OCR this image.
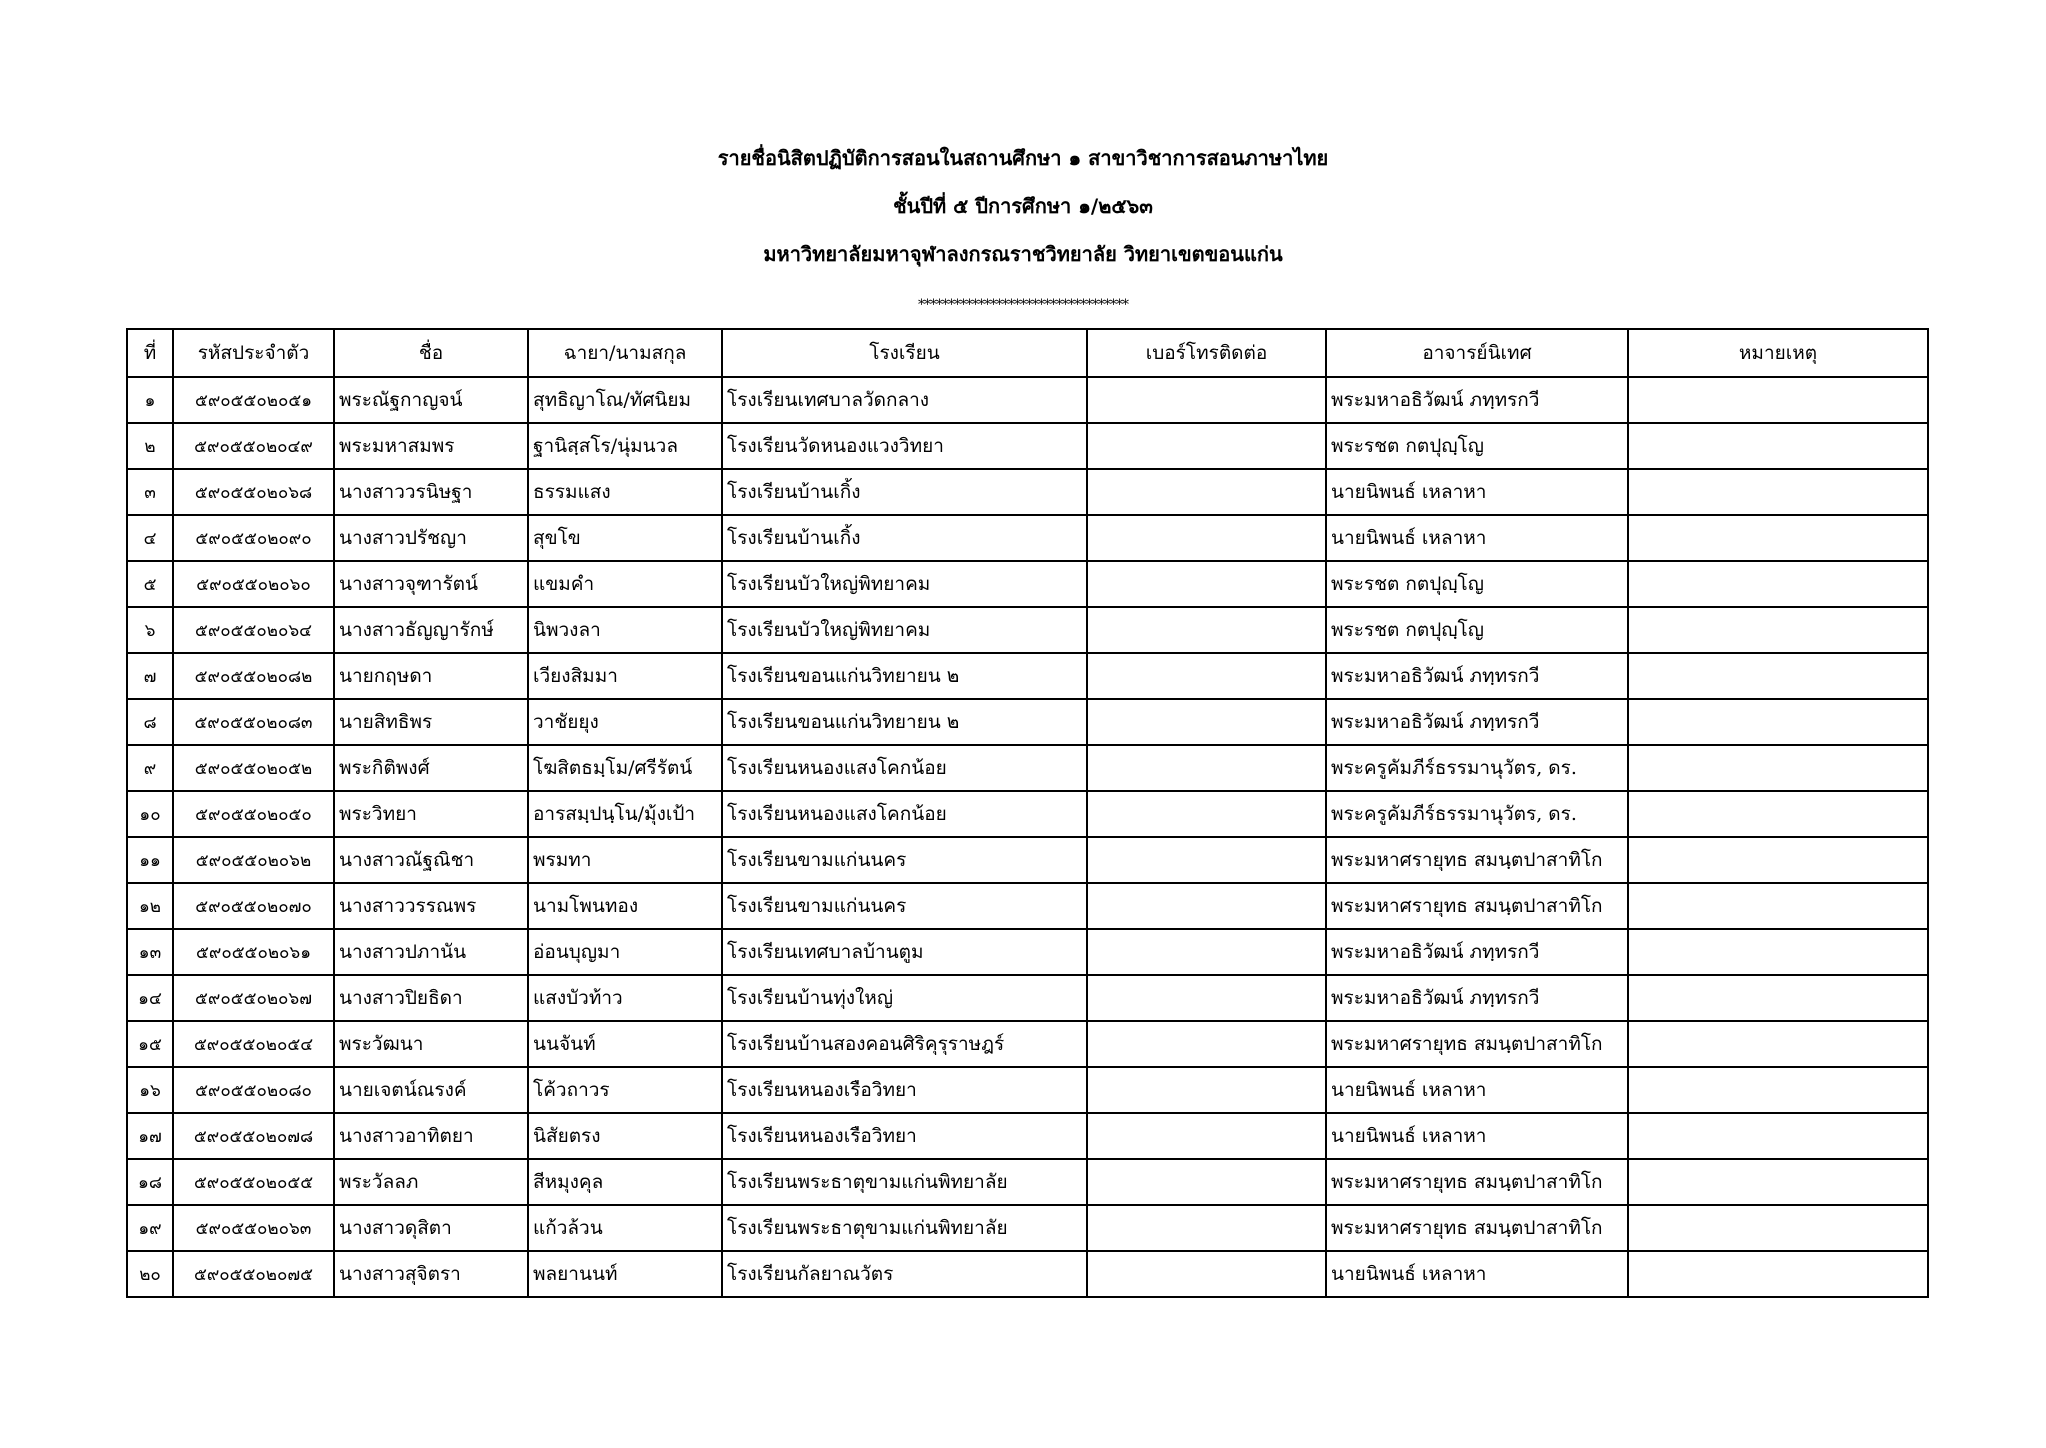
รายชื่อนิสิตปฏิบัติการสอนในสถานศึกษา ๑ สาขาวิชาการสอนภาษาไทย
ชั้นปีที่ ๕ ปีการศึกษา ๑/๒๕๖๓
มหาวิทยาลัยมหาจุฬาลงกรณราชวิทยาลัย วิทยาเขตขอนแก่น
***********************************
ที่	รหัสประจำตัว	ชื่อ	ฉายา/นามสกุล	โรงเรียน	เบอร์โทรติดต่อ	อาจารย์นิเทศ	หมายเหตุ
๑	๕๙๐๕๕๐๒๐๕๑	พระณัฐกาญจน์	สุทธิญาโณ/ทัศนิยม	โรงเรียนเทศบาลวัดกลาง		พระมหาอธิวัฒน์ ภทฺทรกวี	
๒	๕๙๐๕๕๐๒๐๔๙	พระมหาสมพร	ฐานิสฺสโร/นุ่มนวล	โรงเรียนวัดหนองแวงวิทยา		พระรชต กตปุญฺโญ	
๓	๕๙๐๕๕๐๒๐๖๘	นางสาววรนิษฐา	ธรรมแสง	โรงเรียนบ้านเกิ้ง		นายนิพนธ์ เหลาหา	
๔	๕๙๐๕๕๐๒๐๙๐	นางสาวปรัชญา	สุขโข	โรงเรียนบ้านเกิ้ง		นายนิพนธ์ เหลาหา	
๕	๕๙๐๕๕๐๒๐๖๐	นางสาวจุฑารัตน์	แขมคำ	โรงเรียนบัวใหญ่พิทยาคม		พระรชต กตปุญฺโญ	
๖	๕๙๐๕๕๐๒๐๖๔	นางสาวธัญญารักษ์	นิพวงลา	โรงเรียนบัวใหญ่พิทยาคม		พระรชต กตปุญฺโญ	
๗	๕๙๐๕๕๐๒๐๘๒	นายกฤษดา	เวียงสิมมา	โรงเรียนขอนแก่นวิทยายน ๒		พระมหาอธิวัฒน์ ภทฺทรกวี	
๘	๕๙๐๕๕๐๒๐๘๓	นายสิทธิพร	วาชัยยุง	โรงเรียนขอนแก่นวิทยายน ๒		พระมหาอธิวัฒน์ ภทฺทรกวี	
๙	๕๙๐๕๕๐๒๐๕๒	พระกิติพงศ์	โฆสิตธมฺโม/ศรีรัตน์	โรงเรียนหนองแสงโคกน้อย		พระครูคัมภีร์ธรรมานุวัตร, ดร.	
๑๐	๕๙๐๕๕๐๒๐๕๐	พระวิทยา	อารสมฺปนฺโน/มุ้งเป้า	โรงเรียนหนองแสงโคกน้อย		พระครูคัมภีร์ธรรมานุวัตร, ดร.	
๑๑	๕๙๐๕๕๐๒๐๖๒	นางสาวณัฐณิชา	พรมทา	โรงเรียนขามแก่นนคร		พระมหาศรายุทธ สมนฺตปาสาทิโก	
๑๒	๕๙๐๕๕๐๒๐๗๐	นางสาววรรณพร	นามโพนทอง	โรงเรียนขามแก่นนคร		พระมหาศรายุทธ สมนฺตปาสาทิโก	
๑๓	๕๙๐๕๕๐๒๐๖๑	นางสาวปภานัน	อ่อนบุญมา	โรงเรียนเทศบาลบ้านตูม		พระมหาอธิวัฒน์ ภทฺทรกวี	
๑๔	๕๙๐๕๕๐๒๐๖๗	นางสาวปิยธิดา	แสงบัวท้าว	โรงเรียนบ้านทุ่งใหญ่		พระมหาอธิวัฒน์ ภทฺทรกวี	
๑๕	๕๙๐๕๕๐๒๐๕๔	พระวัฒนา	นนจันท์	โรงเรียนบ้านสองคอนศิริคุรุราษฎร์		พระมหาศรายุทธ สมนฺตปาสาทิโก	
๑๖	๕๙๐๕๕๐๒๐๘๐	นายเจตน์ณรงค์	โค้วถาวร	โรงเรียนหนองเรือวิทยา		นายนิพนธ์ เหลาหา	
๑๗	๕๙๐๕๕๐๒๐๗๘	นางสาวอาทิตยา	นิสัยตรง	โรงเรียนหนองเรือวิทยา		นายนิพนธ์ เหลาหา	
๑๘	๕๙๐๕๕๐๒๐๕๕	พระวัลลภ	สีหมุงคุล	โรงเรียนพระธาตุขามแก่นพิทยาลัย		พระมหาศรายุทธ สมนฺตปาสาทิโก	
๑๙	๕๙๐๕๕๐๒๐๖๓	นางสาวดุสิตา	แก้วล้วน	โรงเรียนพระธาตุขามแก่นพิทยาลัย		พระมหาศรายุทธ สมนฺตปาสาทิโก	
๒๐	๕๙๐๕๕๐๒๐๗๕	นางสาวสุจิตรา	พลยานนท์	โรงเรียนกัลยาณวัตร		นายนิพนธ์ เหลาหา	
